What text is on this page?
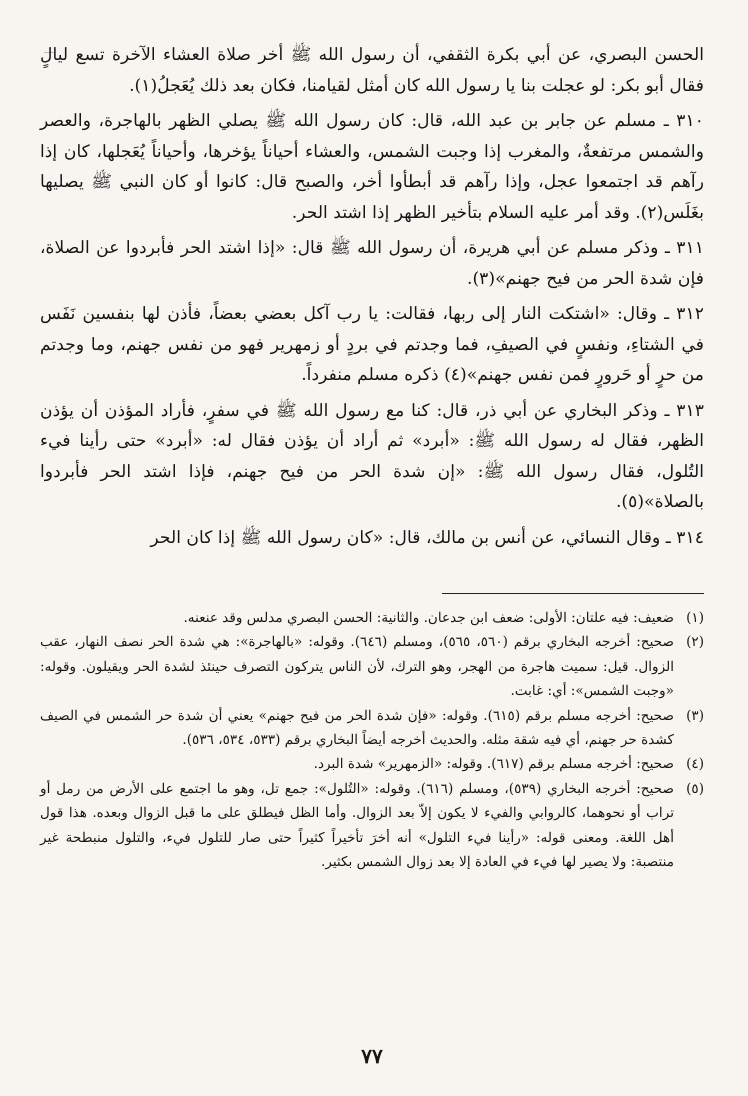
الحسن البصري، عن أبي بكرة الثقفي، أن رسول الله ﷺ أخر صلاة العشاء الآخرة تسع ليالٍ فقال أبو بكر: لو عجلت بنا يا رسول الله كان أمثل لقيامنا، فكان بعد ذلك يُعَجلُ(١).

٣١٠ ـ مسلم عن جابر بن عبد الله، قال: كان رسول الله ﷺ يصلي الظهر بالهاجرة، والعصر والشمس مرتفعةٌ، والمغرب إذا وجبت الشمس، والعشاء أحياناً يؤخرها، وأحياناً يُعَجلها، كان إذا رآهم قد اجتمعوا عجل، وإذا رآهم قد أبطأوا أخر، والصبح قال: كانوا أو كان النبي ﷺ يصليها بغَلَس(٢). وقد أمر عليه السلام بتأخير الظهر إذا اشتد الحر.

٣١١ ـ وذكر مسلم عن أبي هريرة، أن رسول الله ﷺ قال: «إذا اشتد الحر فأبردوا عن الصلاة، فإن شدة الحر من فيح جهنم»(٣).

٣١٢ ـ وقال: «اشتكت النار إلى ربها، فقالت: يا رب آكل بعضي بعضاً، فأذن لها بنفسين نَفَس في الشتاءِ، ونفسٍ في الصيفِ، فما وجدتم في بردٍ أو زمهرير فهو من نفس جهنم، وما وجدتم من حرٍ أو حَرورٍ فمن نفس جهنم»(٤) ذكره مسلم منفرداً.

٣١٣ ـ وذكر البخاري عن أبي ذر، قال: كنا مع رسول الله ﷺ في سفرٍ، فأراد المؤذن أن يؤذن الظهر، فقال له رسول الله ﷺ: «أبرد» ثم أراد أن يؤذن فقال له: «أبرد» حتى رأينا فيء التُلول، فقال رسول الله ﷺ: «إن شدة الحر من فيح جهنم، فإذا اشتد الحر فأبردوا بالصلاة»(٥).

٣١٤ ـ وقال النسائي، عن أنس بن مالك، قال: «كان رسول الله ﷺ إذا كان الحر

(١)
ضعيف: فيه علتان: الأولى: ضعف ابن جدعان. والثانية: الحسن البصري مدلس وقد عنعنه.
(٢)
صحيح: أخرجه البخاري برقم (٥٦٠، ٥٦٥)، ومسلم (٦٤٦). وقوله: «بالهاجرة»: هي شدة الحر نصف النهار، عقب الزوال. قيل: سميت هاجرة من الهجر، وهو الترك، لأن الناس يتركون التصرف حينئذ لشدة الحر ويقيلون. وقوله: «وجبت الشمس»: أي: غابت.
(٣)
صحيح: أخرجه مسلم برقم (٦١٥). وقوله: «فإن شدة الحر من فيح جهنم» يعني أن شدة حر الشمس في الصيف كشدة حر جهنم، أي فيه شقة مثله. والحديث أخرجه أيضاً البخاري برقم (٥٣٣، ٥٣٤، ٥٣٦).
(٤)
صحيح: أخرجه مسلم برقم (٦١٧). وقوله: «الزمهرير» شدة البرد.
(٥)
صحيح: أخرجه البخاري (٥٣٩)، ومسلم (٦١٦). وقوله: «التُلول»: جمع تل، وهو ما اجتمع على الأرض من رمل أو تراب أو نحوهما، كالروابي والفيء لا يكون إلاّ بعد الزوال. وأما الظل فيطلق على ما قبل الزوال وبعده. هذا قول أهل اللغة. ومعنى قوله: «رأينا فيء التلول» أنه أخرَ تأخيراً كثيراً حتى صار للتلول فيء، والتلول منبطحة غير منتصبة: ولا يصير لها فيء في العادة إلا بعد زوال الشمس بكثير.
٧٧
